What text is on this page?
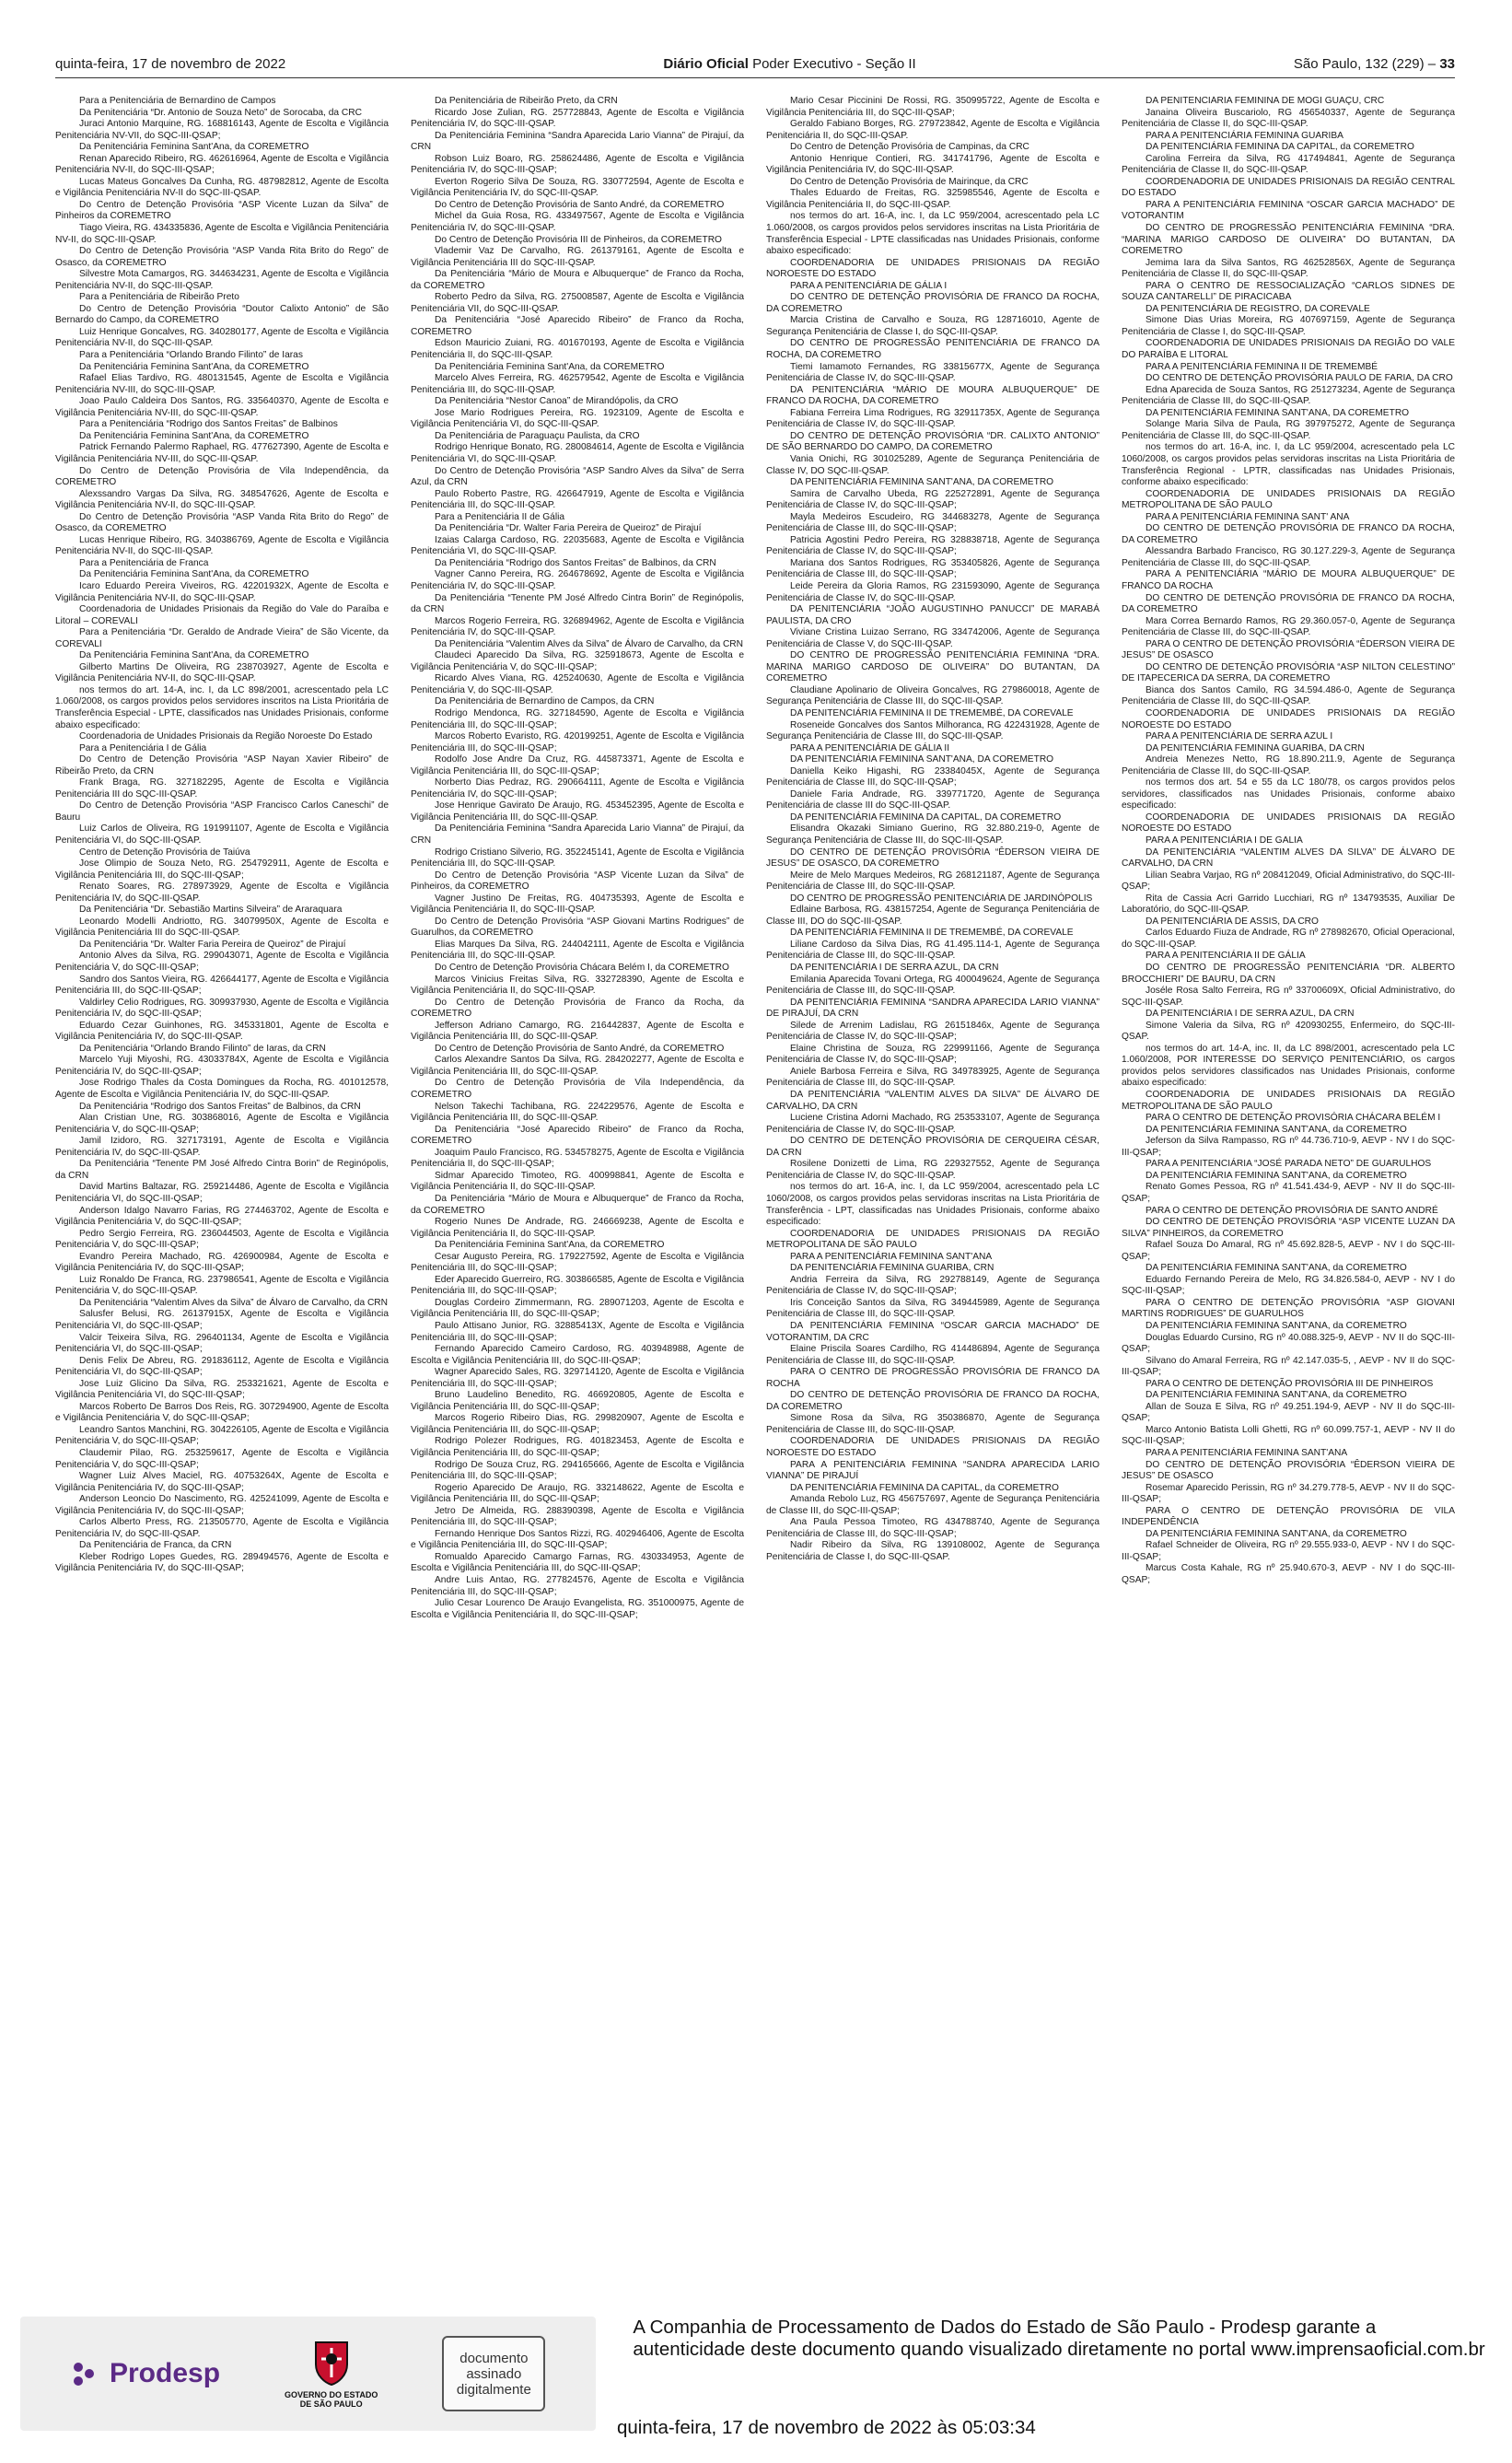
quinta-feira, 17 de novembro de 2022	Diário Oficial Poder Executivo - Seção II	São Paulo, 132 (229) – 33

Para a Penitenciária de Bernardino de Campos

Da Penitenciária “Dr. Antonio de Souza Neto” de Sorocaba, da CRC

Juraci Antonio Marquine, RG. 168816143, Agente de Escolta e Vigilância Penitenciária NV-VII, do SQC-III-QSAP;

Da Penitenciária Feminina Sant'Ana, da COREMETRO

Renan Aparecido Ribeiro, RG. 462616964, Agente de Escolta e Vigilância Penitenciária NV-II, do SQC-III-QSAP;

Lucas Mateus Goncalves Da Cunha, RG. 487982812, Agente de Escolta e Vigilância Penitenciária NV-II do SQC-III-QSAP.

Do Centro de Detenção Provisória “ASP Vicente Luzan da Silva” de Pinheiros da COREMETRO

Tiago Vieira, RG. 434335836, Agente de Escolta e Vigilância Penitenciária NV-II, do SQC-III-QSAP.

Do Centro de Detenção Provisória “ASP Vanda Rita Brito do Rego” de Osasco, da COREMETRO

Silvestre Mota Camargos, RG. 344634231, Agente de Escolta e Vigilância Penitenciária NV-II, do SQC-III-QSAP.

Para a Penitenciária de Ribeirão Preto

Do Centro de Detenção Provisória “Doutor Calixto Antonio” de São Bernardo do Campo, da COREMETRO

Luiz Henrique Goncalves, RG. 340280177, Agente de Escolta e Vigilância Penitenciária NV-II, do SQC-III-QSAP.

Para a Penitenciária “Orlando Brando Filinto” de Iaras

Da Penitenciária Feminina Sant'Ana, da COREMETRO

Rafael Elias Tardivo, RG. 480131545, Agente de Escolta e Vigilância Penitenciária NV-III, do SQC-III-QSAP.

Joao Paulo Caldeira Dos Santos, RG. 335640370, Agente de Escolta e Vigilância Penitenciária NV-III, do SQC-III-QSAP.

Para a Penitenciária “Rodrigo dos Santos Freitas” de Balbinos

Da Penitenciária Feminina Sant'Ana, da COREMETRO

Patrick Fernando Palermo Raphael, RG. 477627390, Agente de Escolta e Vigilância Penitenciária NV-III, do SQC-III-QSAP.

Do Centro de Detenção Provisória de Vila Independência, da COREMETRO

Alexssandro Vargas Da Silva, RG. 348547626, Agente de Escolta e Vigilância Penitenciária NV-II, do SQC-III-QSAP.

Do Centro de Detenção Provisória “ASP Vanda Rita Brito do Rego” de Osasco, da COREMETRO

Lucas Henrique Ribeiro, RG. 340386769, Agente de Escolta e Vigilância Penitenciária NV-II, do SQC-III-QSAP.

Para a Penitenciária de Franca

Da Penitenciária Feminina Sant'Ana, da COREMETRO

Icaro Eduardo Pereira Viveiros, RG. 42201932X, Agente de Escolta e Vigilância Penitenciária NV-II, do SQC-III-QSAP.

Coordenadoria de Unidades Prisionais da Região do Vale do Paraíba e Litoral – COREVALI

Para a Penitenciária “Dr. Geraldo de Andrade Vieira” de São Vicente, da COREVALI

Da Penitenciária Feminina Sant'Ana, da COREMETRO

Gilberto Martins De Oliveira, RG 238703927, Agente de Escolta e Vigilância Penitenciária NV-II, do SQC-III-QSAP.

nos termos do art. 14-A, inc. I, da LC 898/2001, acrescentado pela LC 1.060/2008, os cargos providos pelos servidores inscritos na Lista Prioritária de Transferência Especial - LPTE, classificados nas Unidades Prisionais, conforme abaixo especificado:

Coordenadoria de Unidades Prisionais da Região Noroeste Do Estado

Para a Penitenciária I de Gália

Do Centro de Detenção Provisória “ASP Nayan Xavier Ribeiro” de Ribeirão Preto, da CRN

Frank Braga, RG. 327182295, Agente de Escolta e Vigilância Penitenciária III do SQC-III-QSAP.

Do Centro de Detenção Provisória “ASP Francisco Carlos Caneschi” de Bauru

Luiz Carlos de Oliveira, RG 191991107, Agente de Escolta e Vigilância Penitenciária VI, do SQC-III-QSAP.

Centro de Detenção Provisória de Taiúva

Jose Olimpio de Souza Neto, RG. 254792911, Agente de Escolta e Vigilância Penitenciária III, do SQC-III-QSAP;

Renato Soares, RG. 278973929, Agente de Escolta e Vigilância Penitenciária IV, do SQC-III-QSAP.

Da Penitenciária “Dr. Sebastião Martins Silveira” de Araraquara

Leonardo Modelli Andriotto, RG. 34079950X, Agente de Escolta e Vigilância Penitenciária III do SQC-III-QSAP.

Da Penitenciária “Dr. Walter Faria Pereira de Queiroz” de Pirajuí

Antonio Alves da Silva, RG. 299043071, Agente de Escolta e Vigilância Penitenciária V, do SQC-III-QSAP;

Sandro dos Santos Vieira, RG. 426644177, Agente de Escolta e Vigilância Penitenciária III, do SQC-III-QSAP;

Valdirley Celio Rodrigues, RG. 309937930, Agente de Escolta e Vigilância Penitenciária IV, do SQC-III-QSAP;

Eduardo Cezar Guinhones, RG. 345331801, Agente de Escolta e Vigilância Penitenciária IV, do SQC-III-QSAP.

Da Penitenciária “Orlando Brando Filinto” de Iaras, da CRN

Marcelo Yuji Miyoshi, RG. 43033784X, Agente de Escolta e Vigilância Penitenciária IV, do SQC-III-QSAP;

Jose Rodrigo Thales da Costa Domingues da Rocha, RG. 401012578, Agente de Escolta e Vigilância Penitenciária IV, do SQC-III-QSAP.

Da Penitenciária “Rodrigo dos Santos Freitas” de Balbinos, da CRN

Alan Cristian Une, RG. 303868016, Agente de Escolta e Vigilância Penitenciária V, do SQC-III-QSAP;

Jamil Izidoro, RG. 327173191, Agente de Escolta e Vigilância Penitenciária IV, do SQC-III-QSAP.

Da Penitenciária “Tenente PM José Alfredo Cintra Borin” de Reginópolis, da CRN

David Martins Baltazar, RG. 259214486, Agente de Escolta e Vigilância Penitenciária VI, do SQC-III-QSAP;

Anderson Idalgo Navarro Farias, RG 274463702, Agente de Escolta e Vigilância Penitenciária V, do SQC-III-QSAP;

Pedro Sergio Ferreira, RG. 236044503, Agente de Escolta e Vigilância Penitenciária V, do SQC-III-QSAP;

Evandro Pereira Machado, RG. 426900984, Agente de Escolta e Vigilância Penitenciária IV, do SQC-III-QSAP;

Luiz Ronaldo De Franca, RG. 237986541, Agente de Escolta e Vigilância Penitenciária V, do SQC-III-QSAP.

Da Penitenciária “Valentim Alves da Silva” de Álvaro de Carvalho, da CRN

Salusfer Belusi, RG. 26137915X, Agente de Escolta e Vigilância Penitenciária VI, do SQC-III-QSAP;

Valcir Teixeira Silva, RG. 296401134, Agente de Escolta e Vigilância Penitenciária VI, do SQC-III-QSAP;

Denis Felix De Abreu, RG. 291836112, Agente de Escolta e Vigilância Penitenciária VI, do SQC-III-QSAP;

Jose Luiz Glicino Da Silva, RG. 253321621, Agente de Escolta e Vigilância Penitenciária VI, do SQC-III-QSAP;

Marcos Roberto De Barros Dos Reis, RG. 307294900, Agente de Escolta e Vigilância Penitenciária V, do SQC-III-QSAP;

Leandro Santos Manchini, RG. 304226105, Agente de Escolta e Vigilância Penitenciária V, do SQC-III-QSAP;

Claudemir Pilao, RG. 253259617, Agente de Escolta e Vigilância Penitenciária V, do SQC-III-QSAP;

Wagner Luiz Alves Maciel, RG. 40753264X, Agente de Escolta e Vigilância Penitenciária IV, do SQC-III-QSAP;

Anderson Leoncio Do Nascimento, RG. 425241099, Agente de Escolta e Vigilância Penitenciária IV, do SQC-III-QSAP;

Carlos Alberto Press, RG. 213505770, Agente de Escolta e Vigilância Penitenciária IV, do SQC-III-QSAP.

Da Penitenciária de Franca, da CRN

Kleber Rodrigo Lopes Guedes, RG. 289494576, Agente de Escolta e Vigilância Penitenciária IV, do SQC-III-QSAP;

Da Penitenciária de Ribeirão Preto, da CRN

Ricardo Jose Zulian, RG. 257728843, Agente de Escolta e Vigilância Penitenciária IV, do SQC-III-QSAP.

Da Penitenciária Feminina “Sandra Aparecida Lario Vianna” de Pirajuí, da CRN

Robson Luiz Boaro, RG. 258624486, Agente de Escolta e Vigilância Penitenciária IV, do SQC-III-QSAP;

Everton Rogerio Silva De Souza, RG. 330772594, Agente de Escolta e Vigilância Penitenciária IV, do SQC-III-QSAP.

Do Centro de Detenção Provisória de Santo André, da COREMETRO

Michel da Guia Rosa, RG. 433497567, Agente de Escolta e Vigilância Penitenciária IV, do SQC-III-QSAP.

Do Centro de Detenção Provisória III de Pinheiros, da COREMETRO

Vlademir Vaz De Carvalho, RG. 261379161, Agente de Escolta e Vigilância Penitenciária III do SQC-III-QSAP.

Da Penitenciária “Mário de Moura e Albuquerque” de Franco da Rocha, da COREMETRO

Roberto Pedro da Silva, RG. 275008587, Agente de Escolta e Vigilância Penitenciária VII, do SQC-III-QSAP.

Da Penitenciária “José Aparecido Ribeiro” de Franco da Rocha, COREMETRO

Edson Mauricio Zuiani, RG. 401670193, Agente de Escolta e Vigilância Penitenciária II, do SQC-III-QSAP.

Da Penitenciária Feminina Sant'Ana, da COREMETRO

Marcelo Alves Ferreira, RG. 462579542, Agente de Escolta e Vigilância Penitenciária III, do SQC-III-QSAP.

Da Penitenciária “Nestor Canoa” de Mirandópolis, da CRO

Jose Mario Rodrigues Pereira, RG. 1923109, Agente de Escolta e Vigilância Penitenciária VI, do SQC-III-QSAP.

Da Penitenciária de Paraguaçu Paulista, da CRO

Rodrigo Henrique Bonato, RG. 280084614, Agente de Escolta e Vigilância Penitenciária VI, do SQC-III-QSAP.

Do Centro de Detenção Provisória “ASP Sandro Alves da Silva” de Serra Azul, da CRN

Paulo Roberto Pastre, RG. 426647919, Agente de Escolta e Vigilância Penitenciária III, do SQC-III-QSAP.

Para a Penitenciária II de Gália

Da Penitenciária “Dr. Walter Faria Pereira de Queiroz” de Pirajuí

Izaias Calarga Cardoso, RG. 22035683, Agente de Escolta e Vigilância Penitenciária VI, do SQC-III-QSAP.

Da Penitenciária “Rodrigo dos Santos Freitas” de Balbinos, da CRN

Vagner Canno Pereira, RG. 264678692, Agente de Escolta e Vigilância Penitenciária IV, do SQC-III-QSAP.

Da Penitenciária “Tenente PM José Alfredo Cintra Borin” de Reginópolis, da CRN

Marcos Rogerio Ferreira, RG. 326894962, Agente de Escolta e Vigilância Penitenciária IV, do SQC-III-QSAP.

Da Penitenciária “Valentim Alves da Silva” de Álvaro de Carvalho, da CRN

Claudeci Aparecido Da Silva, RG. 325918673, Agente de Escolta e Vigilância Penitenciária V, do SQC-III-QSAP;

Ricardo Alves Viana, RG. 425240630, Agente de Escolta e Vigilância Penitenciária V, do SQC-III-QSAP.

Da Penitenciária de Bernardino de Campos, da CRN

Rodrigo Mendonca, RG. 327184590, Agente de Escolta e Vigilância Penitenciária III, do SQC-III-QSAP;

Marcos Roberto Evaristo, RG. 420199251, Agente de Escolta e Vigilância Penitenciária III, do SQC-III-QSAP;

Rodolfo Jose Andre Da Cruz, RG. 445873371, Agente de Escolta e Vigilância Penitenciária III, do SQC-III-QSAP;

Norberto Dias Pedraz, RG. 290664111, Agente de Escolta e Vigilância Penitenciária IV, do SQC-III-QSAP;

Jose Henrique Gavirato De Araujo, RG. 453452395, Agente de Escolta e Vigilância Penitenciária III, do SQC-III-QSAP.

Da Penitenciária Feminina “Sandra Aparecida Lario Vianna” de Pirajuí, da CRN

Rodrigo Cristiano Silverio, RG. 352245141, Agente de Escolta e Vigilância Penitenciária III, do SQC-III-QSAP.

Do Centro de Detenção Provisória “ASP Vicente Luzan da Silva” de Pinheiros, da COREMETRO

Vagner Justino De Freitas, RG. 404735393, Agente de Escolta e Vigilância Penitenciária II, do SQC-III-QSAP.

Do Centro de Detenção Provisória “ASP Giovani Martins Rodrigues” de Guarulhos, da COREMETRO

Elias Marques Da Silva, RG. 244042111, Agente de Escolta e Vigilância Penitenciária III, do SQC-III-QSAP.

Do Centro de Detenção Provisória Chácara Belém I, da COREMETRO

Marcos Vinicius Freitas Silva, RG. 332728390, Agente de Escolta e Vigilância Penitenciária II, do SQC-III-QSAP.

Do Centro de Detenção Provisória de Franco da Rocha, da COREMETRO

Jefferson Adriano Camargo, RG. 216442837, Agente de Escolta e Vigilância Penitenciária III, do SQC-III-QSAP.

Do Centro de Detenção Provisória de Santo André, da COREMETRO

Carlos Alexandre Santos Da Silva, RG. 284202277, Agente de Escolta e Vigilância Penitenciária III, do SQC-III-QSAP.

Do Centro de Detenção Provisória de Vila Independência, da COREMETRO

Nelson Takechi Tachibana, RG. 224229576, Agente de Escolta e Vigilância Penitenciária III, do SQC-III-QSAP.

Da Penitenciária “José Aparecido Ribeiro” de Franco da Rocha, COREMETRO

Joaquim Paulo Francisco, RG. 534578275, Agente de Escolta e Vigilância Penitenciária II, do SQC-III-QSAP;

Sidmar Aparecido Timoteo, RG. 400998841, Agente de Escolta e Vigilância Penitenciária II, do SQC-III-QSAP.

Da Penitenciária “Mário de Moura e Albuquerque” de Franco da Rocha, da COREMETRO

Rogerio Nunes De Andrade, RG. 246669238, Agente de Escolta e Vigilância Penitenciária II, do SQC-III-QSAP.

Da Penitenciária Feminina Sant'Ana, da COREMETRO

Cesar Augusto Pereira, RG. 179227592, Agente de Escolta e Vigilância Penitenciária III, do SQC-III-QSAP;

Eder Aparecido Guerreiro, RG. 303866585, Agente de Escolta e Vigilância Penitenciária III, do SQC-III-QSAP;

Douglas Cordeiro Zimmermann, RG. 289071203, Agente de Escolta e Vigilância Penitenciária III, do SQC-III-QSAP;

Paulo Attisano Junior, RG. 32885413X, Agente de Escolta e Vigilância Penitenciária III, do SQC-III-QSAP;

Fernando Aparecido Cameiro Cardoso, RG. 403948988, Agente de Escolta e Vigilância Penitenciária III, do SQC-III-QSAP;

Wagner Aparecido Sales, RG. 329714120, Agente de Escolta e Vigilância Penitenciária III, do SQC-III-QSAP;

Bruno Laudelino Benedito, RG. 466920805, Agente de Escolta e Vigilância Penitenciária III, do SQC-III-QSAP;

Marcos Rogerio Ribeiro Dias, RG. 299820907, Agente de Escolta e Vigilância Penitenciária III, do SQC-III-QSAP;

Rodrigo Polezer Rodrigues, RG. 401823453, Agente de Escolta e Vigilância Penitenciária III, do SQC-III-QSAP;

Rodrigo De Souza Cruz, RG. 294165666, Agente de Escolta e Vigilância Penitenciária III, do SQC-III-QSAP;

Rogerio Aparecido De Araujo, RG. 332148622, Agente de Escolta e Vigilância Penitenciária III, do SQC-III-QSAP;

Jetro De Almeida, RG. 288390398, Agente de Escolta e Vigilância Penitenciária III, do SQC-III-QSAP;

Fernando Henrique Dos Santos Rizzi, RG. 402946406, Agente de Escolta e Vigilância Penitenciária III, do SQC-III-QSAP;

Romualdo Aparecido Camargo Farnas, RG. 430334953, Agente de Escolta e Vigilância Penitenciária III, do SQC-III-QSAP;

Andre Luis Antao, RG. 277824576, Agente de Escolta e Vigilância Penitenciária III, do SQC-III-QSAP;

Julio Cesar Lourenco De Araujo Evangelista, RG. 351000975, Agente de Escolta e Vigilância Penitenciária II, do SQC-III-QSAP;

Mario Cesar Piccinini De Rossi, RG. 350995722, Agente de Escolta e Vigilância Penitenciária III, do SQC-III-QSAP;

Geraldo Fabiano Borges, RG. 279723842, Agente de Escolta e Vigilância Penitenciária II, do SQC-III-QSAP.

Do Centro de Detenção Provisória de Campinas, da CRC

Antonio Henrique Contieri, RG. 341741796, Agente de Escolta e Vigilância Penitenciária IV, do SQC-III-QSAP.

Do Centro de Detenção Provisória de Mairinque, da CRC

Thales Eduardo de Freitas, RG. 325985546, Agente de Escolta e Vigilância Penitenciária II, do SQC-III-QSAP.

nos termos do art. 16-A, inc. I, da LC 959/2004, acrescentado pela LC 1.060/2008, os cargos providos pelos servidores inscritas na Lista Prioritária de Transferência Especial - LPTE classificadas nas Unidades Prisionais, conforme abaixo especificado:

COORDENADORIA DE UNIDADES PRISIONAIS DA REGIÃO NOROESTE DO ESTADO

PARA A PENITENCIÁRIA DE GÁLIA I

DO CENTRO DE DETENÇÃO PROVISÓRIA DE FRANCO DA ROCHA, DA COREMETRO

Marcia Cristina de Carvalho e Souza, RG 128716010, Agente de Segurança Penitenciária de Classe I, do SQC-III-QSAP.

DO CENTRO DE PROGRESSÃO PENITENCIÁRIA DE FRANCO DA ROCHA, DA COREMETRO

Tiemi Iamamoto Fernandes, RG 33815677X, Agente de Segurança Penitenciária de Classe IV, do SQC-III-QSAP.

DA PENITENCIÁRIA “MÁRIO DE MOURA ALBUQUERQUE” DE FRANCO DA ROCHA, DA COREMETRO

Fabiana Ferreira Lima Rodrigues, RG 32911735X, Agente de Segurança Penitenciária de Classe IV, do SQC-III-QSAP.

DO CENTRO DE DETENÇÃO PROVISÓRIA “DR. CALIXTO ANTONIO” DE SÃO BERNARDO DO CAMPO, DA COREMETRO

Vania Onichi, RG 301025289, Agente de Segurança Penitenciária de Classe IV, DO SQC-III-QSAP.

DA PENITENCIÁRIA FEMININA SANT'ANA, DA COREMETRO

Samira de Carvalho Ubeda, RG 225272891, Agente de Segurança Penitenciária de Classe IV, do SQC-III-QSAP;

Mayla Medeiros Escudeiro, RG 344683278, Agente de Segurança Penitenciária de Classe III, do SQC-III-QSAP;

Patricia Agostini Pedro Pereira, RG 328838718, Agente de Segurança Penitenciária de Classe IV, do SQC-III-QSAP;

Mariana dos Santos Rodrigues, RG 353405826, Agente de Segurança Penitenciária de Classe III, do SQC-III-QSAP;

Leide Pereira da Gloria Ramos, RG 231593090, Agente de Segurança Penitenciária de Classe IV, do SQC-III-QSAP.

DA PENITENCIÁRIA “JOÃO AUGUSTINHO PANUCCI” DE MARABÁ PAULISTA, DA CRO

Viviane Cristina Luizao Serrano, RG 334742006, Agente de Segurança Penitenciária de Classe V, do SQC-III-QSAP.

DO CENTRO DE PROGRESSÃO PENITENCIÁRIA FEMININA “DRA. MARINA MARIGO CARDOSO DE OLIVEIRA” DO BUTANTAN, DA COREMETRO

Claudiane Apolinario de Oliveira Goncalves, RG 279860018, Agente de Segurança Penitenciária de Classe III, do SQC-III-QSAP.

DA PENITENCIÁRIA FEMININA II DE TREMEMBÉ, DA COREVALE

Roseneide Goncalves dos Santos Milhoranca, RG 422431928, Agente de Segurança Penitenciária de Classe III, do SQC-III-QSAP.

PARA A PENITENCIÁRIA DE GÁLIA II

DA PENITENCIÁRIA FEMININA SANT'ANA, DA COREMETRO

Daniella Keiko Higashi, RG 23384045X, Agente de Segurança Penitenciária de Classe III, do SQC-III-QSAP;

Daniele Faria Andrade, RG. 339771720, Agente de Segurança Penitenciária de classe III do SQC-III-QSAP.

DA PENITENCIÁRIA FEMININA DA CAPITAL, DA COREMETRO

Elisandra Okazaki Simiano Guerino, RG 32.880.219-0, Agente de Segurança Penitenciária de Classe III, do SQC-III-QSAP.

DO CENTRO DE DETENÇÃO PROVISÓRIA “ÊDERSON VIEIRA DE JESUS” DE OSASCO, DA COREMETRO

Meire de Melo Marques Medeiros, RG 268121187, Agente de Segurança Penitenciária de Classe III, do SQC-III-QSAP.

DO CENTRO DE PROGRESSÃO PENITENCIÁRIA DE JARDINÓPOLIS

Edlaine Barbosa, RG. 438157254, Agente de Segurança Penitenciária de Classe III, DO do SQC-III-QSAP.

DA PENITENCIÁRIA FEMININA II DE TREMEMBÉ, DA COREVALE

Liliane Cardoso da Silva Dias, RG 41.495.114-1, Agente de Segurança Penitenciária de Classe III, do SQC-III-QSAP.

DA PENITENCIÁRIA I DE SERRA AZUL, DA CRN

Emilania Aparecida Tovani Ortega, RG 400049624, Agente de Segurança Penitenciária de Classe III, do SQC-III-QSAP.

DA PENITENCIÁRIA FEMININA “SANDRA APARECIDA LARIO VIANNA” DE PIRAJUÍ, DA CRN

Silede de Arrenim Ladislau, RG 26151846x, Agente de Segurança Penitenciária de Classe IV, do SQC-III-QSAP;

Elaine Christina de Souza, RG 229991166, Agente de Segurança Penitenciária de Classe IV, do SQC-III-QSAP;

Aniele Barbosa Ferreira e Silva, RG 349783925, Agente de Segurança Penitenciária de Classe III, do SQC-III-QSAP.

DA PENITENCIÁRIA “VALENTIM ALVES DA SILVA” DE ÁLVARO DE CARVALHO, DA CRN

Luciene Cristina Adorni Machado, RG 253533107, Agente de Segurança Penitenciária de Classe IV, do SQC-III-QSAP.

DO CENTRO DE DETENÇÃO PROVISÓRIA DE CERQUEIRA CÉSAR, DA CRN

Rosilene Donizetti de Lima, RG 229327552, Agente de Segurança Penitenciária de Classe IV, do SQC-III-QSAP.

nos termos do art. 16-A, inc. I, da LC 959/2004, acrescentado pela LC 1060/2008, os cargos providos pelas servidoras inscritas na Lista Prioritária de Transferência - LPT, classificadas nas Unidades Prisionais, conforme abaixo especificado:

COORDENADORIA DE UNIDADES PRISIONAIS DA REGIÃO METROPOLITANA DE SÃO PAULO

PARA A PENITENCIÁRIA FEMININA SANT'ANA

DA PENITENCIÁRIA FEMININA GUARIBA, CRN

Andria Ferreira da Silva, RG 292788149, Agente de Segurança Penitenciária de Classe IV, do SQC-III-QSAP;

Iris Conceição Santos da Silva, RG 349445989, Agente de Segurança Penitenciária de Classe III, do SQC-III-QSAP.

DA PENITENCIÁRIA FEMININA “OSCAR GARCIA MACHADO” DE VOTORANTIM, DA CRC

Elaine Priscila Soares Cardilho, RG 414486894, Agente de Segurança Penitenciária de Classe III, do SQC-III-QSAP.

PARA O CENTRO DE PROGRESSÃO PROVISÓRIA DE FRANCO DA ROCHA

DO CENTRO DE DETENÇÃO PROVISÓRIA DE FRANCO DA ROCHA, DA COREMETRO

Simone Rosa da Silva, RG 350386870, Agente de Segurança Penitenciária de Classe III, do SQC-III-QSAP.

COORDENADORIA DE UNIDADES PRISIONAIS DA REGIÃO NOROESTE DO ESTADO

PARA A PENITENCIÁRIA FEMININA “SANDRA APARECIDA LARIO VIANNA” DE PIRAJUÍ

DA PENITENCIÁRIA FEMININA DA CAPITAL, da COREMETRO

Amanda Rebolo Luz, RG 456757697, Agente de Segurança Penitenciária de Classe III, do SQC-III-QSAP;

Ana Paula Pessoa Timoteo, RG 434788740, Agente de Segurança Penitenciária de Classe III, do SQC-III-QSAP;

Nadir Ribeiro da Silva, RG 139108002, Agente de Segurança Penitenciária de Classe I, do SQC-III-QSAP.

DA PENITENCIÁRIA FEMININA DE MOGI GUAÇU, CRC

Janaina Oliveira Buscariolo, RG 456540337, Agente de Segurança Penitenciária de Classe II, do SQC-III-QSAP.

PARA A PENITENCIÁRIA FEMININA GUARIBA

DA PENITENCIÁRIA FEMININA DA CAPITAL, da COREMETRO

Carolina Ferreira da Silva, RG 417494841, Agente de Segurança Penitenciária de Classe II, do SQC-III-QSAP.

COORDENADORIA DE UNIDADES PRISIONAIS DA REGIÃO CENTRAL DO ESTADO

PARA A PENITENCIÁRIA FEMININA “OSCAR GARCIA MACHADO” DE VOTORANTIM

DO CENTRO DE PROGRESSÃO PENITENCIÁRIA FEMININA “DRA. “MARINA MARIGO CARDOSO DE OLIVEIRA” DO BUTANTAN, DA COREMETRO

Jemima Iara da Silva Santos, RG 46252856X, Agente de Segurança Penitenciária de Classe II, do SQC-III-QSAP.

PARA O CENTRO DE RESSOCIALIZAÇÃO “CARLOS SIDNES DE SOUZA CANTARELLI” DE PIRACICABA

DA PENITENCIÁRIA DE REGISTRO, DA COREVALE

Simone Dias Urias Moreira, RG 407697159, Agente de Segurança Penitenciária de Classe I, do SQC-III-QSAP.

COORDENADORIA DE UNIDADES PRISIONAIS DA REGIÃO DO VALE DO PARAÍBA E LITORAL

PARA A PENITENCIÁRIA FEMININA II DE TREMEMBÉ

DO CENTRO DE DETENÇÃO PROVISÓRIA PAULO DE FARIA, DA CRO

Edna Aparecida de Souza Santos, RG 251273234, Agente de Segurança Penitenciária de Classe III, do SQC-III-QSAP.

DA PENITENCIÁRIA FEMININA SANT'ANA, DA COREMETRO

Solange Maria Silva de Paula, RG 397975272, Agente de Segurança Penitenciária de Classe III, do SQC-III-QSAP.

nos termos do art. 16-A, inc. I, da LC 959/2004, acrescentado pela LC 1060/2008, os cargos providos pelas servidoras inscritas na Lista Prioritária de Transferência Regional - LPTR, classificadas nas Unidades Prisionais, conforme abaixo especificado:

COORDENADORIA DE UNIDADES PRISIONAIS DA REGIÃO METROPOLITANA DE SÃO PAULO

PARA A PENITENCIÁRIA FEMININA SANT' ANA

DO CENTRO DE DETENÇÃO PROVISÓRIA DE FRANCO DA ROCHA, DA COREMETRO

Alessandra Barbado Francisco, RG 30.127.229-3, Agente de Segurança Penitenciária de Classe III, do SQC-III-QSAP.

PARA A PENITENCIÁRIA “MÁRIO DE MOURA ALBUQUERQUE” DE FRANCO DA ROCHA

DO CENTRO DE DETENÇÃO PROVISÓRIA DE FRANCO DA ROCHA, DA COREMETRO

Mara Correa Bernardo Ramos, RG 29.360.057-0, Agente de Segurança Penitenciária de Classe III, do SQC-III-QSAP.

PARA O CENTRO DE DETENÇÃO PROVISÓRIA “ÊDERSON VIEIRA DE JESUS” DE OSASCO

DO CENTRO DE DETENÇÃO PROVISÓRIA “ASP NILTON CELESTINO” DE ITAPECERICA DA SERRA, DA COREMETRO

Bianca dos Santos Camilo, RG 34.594.486-0, Agente de Segurança Penitenciária de Classe III, do SQC-III-QSAP.

COORDENADORIA DE UNIDADES PRISIONAIS DA REGIÃO NOROESTE DO ESTADO

PARA A PENITENCIÁRIA DE SERRA AZUL I

DA PENITENCIÁRIA FEMININA GUARIBA, DA CRN

Andreia Menezes Netto, RG 18.890.211.9, Agente de Segurança Penitenciária de Classe III, do SQC-III-QSAP.

nos termos dos art. 54 e 55 da LC 180/78, os cargos providos pelos servidores, classificados nas Unidades Prisionais, conforme abaixo especificado:

COORDENADORIA DE UNIDADES PRISIONAIS DA REGIÃO NOROESTE DO ESTADO

PARA A PENITENCIÁRIA I DE GALIA

DA PENITENCIÁRIA “VALENTIM ALVES DA SILVA” DE ÁLVARO DE CARVALHO, DA CRN

Lilian Seabra Varjao, RG nº 208412049, Oficial Administrativo, do SQC-III-QSAP;

Rita de Cassia Acri Garrido Lucchiari, RG nº 134793535, Auxiliar De Laboratório, do SQC-III-QSAP.

DA PENITENCIÁRIA DE ASSIS, DA CRO

Carlos Eduardo Fiuza de Andrade, RG nº 278982670, Oficial Operacional, do SQC-III-QSAP.

PARA A PENITENCIÁRIA II DE GÁLIA

DO CENTRO DE PROGRESSÃO PENITENCIÁRIA “DR. ALBERTO BROCCHIERI” DE BAURU, DA CRN

Joséle Rosa Salto Ferreira, RG nº 33700609X, Oficial Administrativo, do SQC-III-QSAP.

DA PENITENCIÁRIA I DE SERRA AZUL, DA CRN

Simone Valeria da Silva, RG nº 420930255, Enfermeiro, do SQC-III-QSAP.

nos termos do art. 14-A, inc. II, da LC 898/2001, acrescentado pela LC 1.060/2008, POR INTERESSE DO SERVIÇO PENITENCIÁRIO, os cargos providos pelos servidores classificados nas Unidades Prisionais, conforme abaixo especificado:

COORDENADORIA DE UNIDADES PRISIONAIS DA REGIÃO METROPOLITANA DE SÃO PAULO

PARA O CENTRO DE DETENÇÃO PROVISÓRIA CHÁCARA BELÉM I

DA PENITENCIÁRIA FEMININA SANT'ANA, da COREMETRO

Jeferson da Silva Rampasso, RG nº 44.736.710-9, AEVP - NV I do SQC-III-QSAP;

PARA A PENITENCIÁRIA “JOSÉ PARADA NETO” DE GUARULHOS

DA PENITENCIÁRIA FEMININA SANT'ANA, da COREMETRO

Renato Gomes Pessoa, RG nº 41.541.434-9, AEVP - NV II do SQC-III-QSAP;

PARA O CENTRO DE DETENÇÃO PROVISÓRIA DE SANTO ANDRÉ

DO CENTRO DE DETENÇÃO PROVISÓRIA “ASP VICENTE LUZAN DA SILVA” PINHEIROS, da COREMETRO

Rafael Souza Do Amaral, RG nº 45.692.828-5, AEVP - NV I do SQC-III-QSAP;

DA PENITENCIÁRIA FEMININA SANT'ANA, da COREMETRO

Eduardo Fernando Pereira de Melo, RG 34.826.584-0, AEVP - NV I do SQC-III-QSAP;

PARA O CENTRO DE DETENÇÃO PROVISÓRIA “ASP GIOVANI MARTINS RODRIGUES” DE GUARULHOS

DA PENITENCIÁRIA FEMININA SANT'ANA, da COREMETRO

Douglas Eduardo Cursino, RG nº 40.088.325-9, AEVP - NV II do SQC-III-QSAP;

Silvano do Amaral Ferreira, RG nº 42.147.035-5, , AEVP - NV II do SQC-III-QSAP;

PARA O CENTRO DE DETENÇÃO PROVISÓRIA III DE PINHEIROS

DA PENITENCIÁRIA FEMININA SANT'ANA, da COREMETRO

Allan de Souza E Silva, RG nº 49.251.194-9, AEVP - NV II do SQC-III-QSAP;

Marco Antonio Batista Lolli Ghetti, RG nº 60.099.757-1, AEVP - NV II do SQC-III-QSAP;

PARA A PENITENCIÁRIA FEMININA SANT'ANA

DO CENTRO DE DETENÇÃO PROVISÓRIA “ÊDERSON VIEIRA DE JESUS” DE OSASCO

Rosemar Aparecido Perissin, RG nº 34.279.778-5, AEVP - NV II do SQC-III-QSAP;

PARA O CENTRO DE DETENÇÃO PROVISÓRIA DE VILA INDEPENDÊNCIA

DA PENITENCIÁRIA FEMININA SANT'ANA, da COREMETRO

Rafael Schneider de Oliveira, RG nº 29.555.933-0, AEVP - NV I do SQC-III-QSAP;

Marcus Costa Kahale, RG nº 25.940.670-3, AEVP - NV I do SQC-III-QSAP;

Prodesp
GOVERNO DO ESTADO
DE SÃO PAULO
documento
assinado
digitalmente
A Companhia de Processamento de Dados do Estado de São Paulo - Prodesp garante a autenticidade deste documento quando visualizado diretamente no portal www.imprensaoficial.com.br
quinta-feira, 17 de novembro de 2022 às 05:03:34
